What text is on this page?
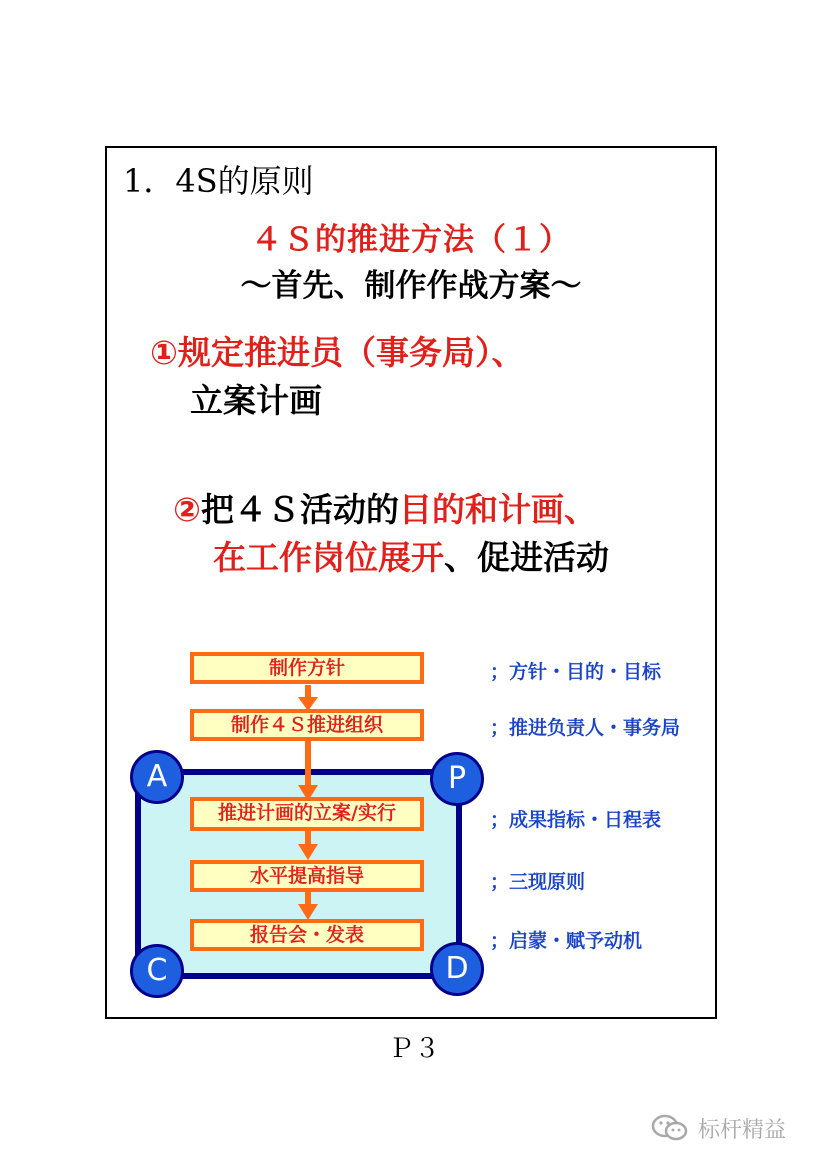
1．4S的原则
４Ｓ的推进方法（１）
～首先、制作作战方案～
①规定推进员（事务局）、
立案计画

②把４Ｓ活动的目的和计画、

在工作岗位展开、促进活动

A	P
C	D
制作方针
制作４Ｓ推进组织
推进计画的立案/实行
水平提高指导
报告会・发表
；方针・目的・目标
；推进负责人・事务局
；成果指标・日程表
；三现原则
；启蒙・赋予动机
Ｐ３
标杆精益
